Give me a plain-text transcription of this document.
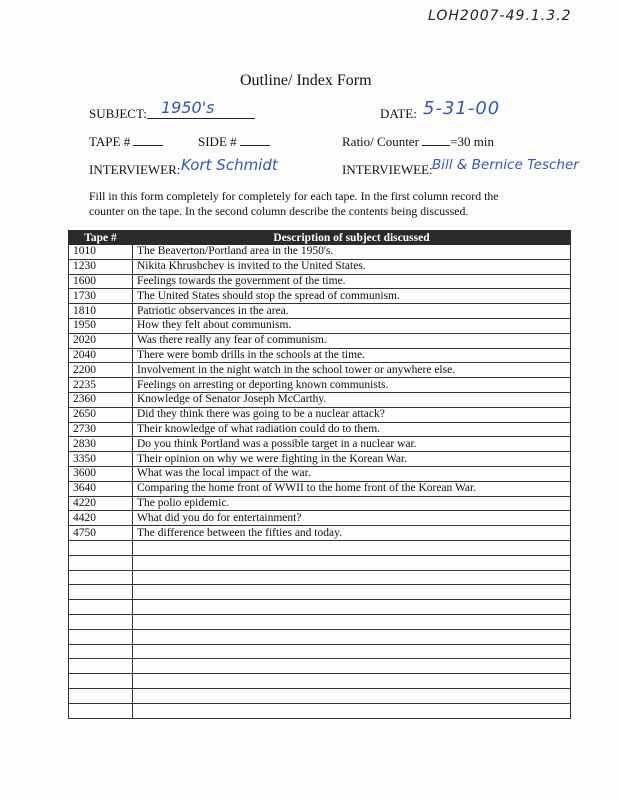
LOH2007-49.1.3.2
Outline/ Index Form
SUBJECT: 1950's	DATE: 5-31-00
TAPE #	SIDE #	Ratio/ Counter =30 min
INTERVIEWER: Kort Schmidt	INTERVIEWEE: Bill & Bernice Tescher
Fill in this form completely for completely for each tape. In the first column record the
counter on the tape. In the second column describe the contents being discussed.
Tape #	Description of subject discussed
1010	The Beaverton/Portland area in the 1950's.
1230	Nikita Khrushchev is invited to the United States.
1600	Feelings towards the government of the time.
1730	The United States should stop the spread of communism.
1810	Patriotic observances in the area.
1950	How they felt about communism.
2020	Was there really any fear of communism.
2040	There were bomb drills in the schools at the time.
2200	Involvement in the night watch in the school tower or anywhere else.
2235	Feelings on arresting or deporting known communists.
2360	Knowledge of Senator Joseph McCarthy.
2650	Did they think there was going to be a nuclear attack?
2730	Their knowledge of what radiation could do to them.
2830	Do you think Portland was a possible target in a nuclear war.
3350	Their opinion on why we were fighting in the Korean War.
3600	What was the local impact of the war.
3640	Comparing the home front of WWII to the home front of the Korean War.
4220	The polio epidemic.
4420	What did you do for entertainment?
4750	The difference between the fifties and today.
